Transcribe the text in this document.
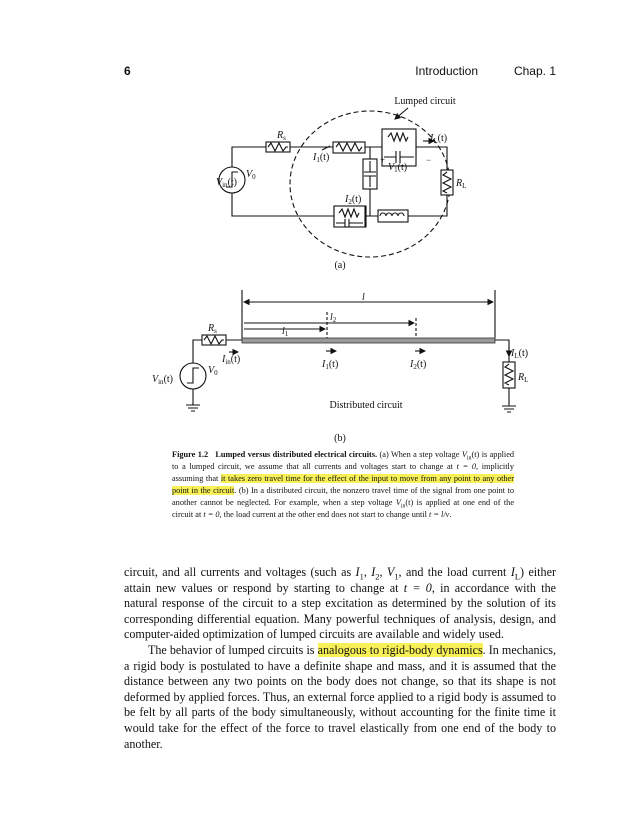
6	Introduction	Chap. 1
Lumped circuit
$R_s$
$V_{in}(t)$
$V_0$
$I_1(t)$
$I_2(t)$
+
$V_1(t)$
−
$I_L(t)$
$R_L$
(a)
l
$l_2$
$l_1$
$R_s$
$I_{in}(t)$
$V_{in}(t)$
$V_0$
$I_1(t)$	$I_2(t)$
$I_L(t)$
$R_L$
Distributed circuit
(b)

Figure 1.2 Lumped versus distributed electrical circuits. (a) When a step voltage $V_{in}(t)$ is applied to a lumped circuit, we assume that all currents and voltages start to change at t = 0, implicitly assuming that it takes zero travel time for the effect of the input to move from any point to any other point in the circuit. (b) In a distributed circuit, the nonzero travel time of the signal from one point to another cannot be neglected. For example, when a step voltage $V_{in}(t)$ is applied at one end of the circuit at t = 0, the load current at the other end does not start to change until t = l/v.

circuit, and all currents and voltages (such as $I_1$, $I_2$, $V_1$, and the load current $I_L$) either attain new values or respond by starting to change at t = 0, in accordance with the natural response of the circuit to a step excitation as determined by the solution of its corresponding differential equation. Many powerful techniques of analysis, design, and computer-aided optimization of lumped circuits are available and widely used.

The behavior of lumped circuits is analogous to rigid-body dynamics. In mechanics, a rigid body is postulated to have a definite shape and mass, and it is assumed that the distance between any two points on the body does not change, so that its shape is not deformed by applied forces. Thus, an external force applied to a rigid body is assumed to be felt by all parts of the body simultaneously, without accounting for the finite time it would take for the effect of the force to travel elastically from one end of the body to another.
